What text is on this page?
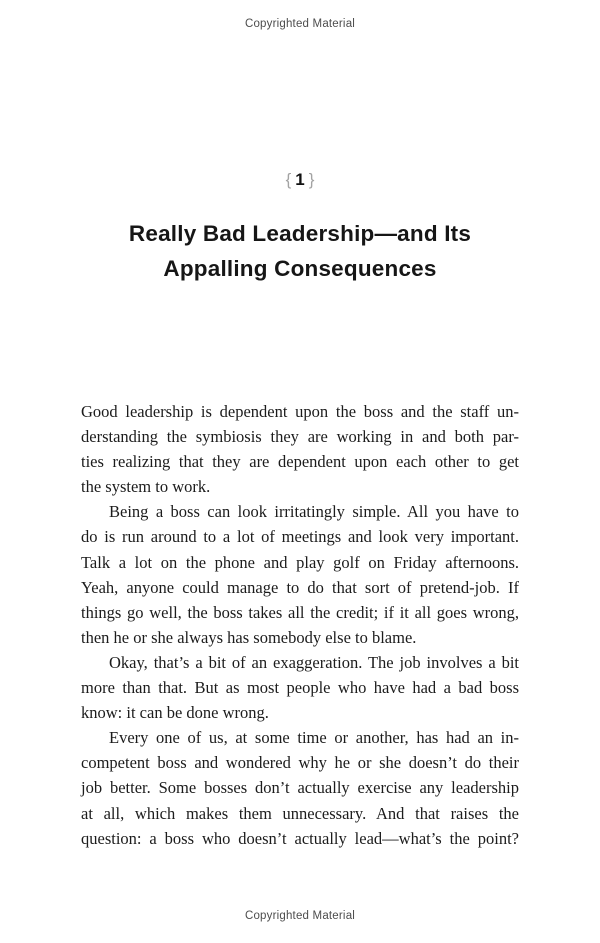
Copyrighted Material
{ 1 }
Really Bad Leadership—and Its
Appalling Consequences
Good leadership is dependent upon the boss and the staff un-
derstanding the symbiosis they are working in and both par-
ties realizing that they are dependent upon each other to get
the system to work.
Being a boss can look irritatingly simple. All you have to
do is run around to a lot of meetings and look very important.
Talk a lot on the phone and play golf on Friday afternoons.
Yeah, anyone could manage to do that sort of pretend-job. If
things go well, the boss takes all the credit; if it all goes wrong,
then he or she always has somebody else to blame.
Okay, that’s a bit of an exaggeration. The job involves a bit
more than that. But as most people who have had a bad boss
know: it can be done wrong.
Every one of us, at some time or another, has had an in-
competent boss and wondered why he or she doesn’t do their
job better. Some bosses don’t actually exercise any leadership
at all, which makes them unnecessary. And that raises the
question: a boss who doesn’t actually lead—what’s the point?
Copyrighted Material
